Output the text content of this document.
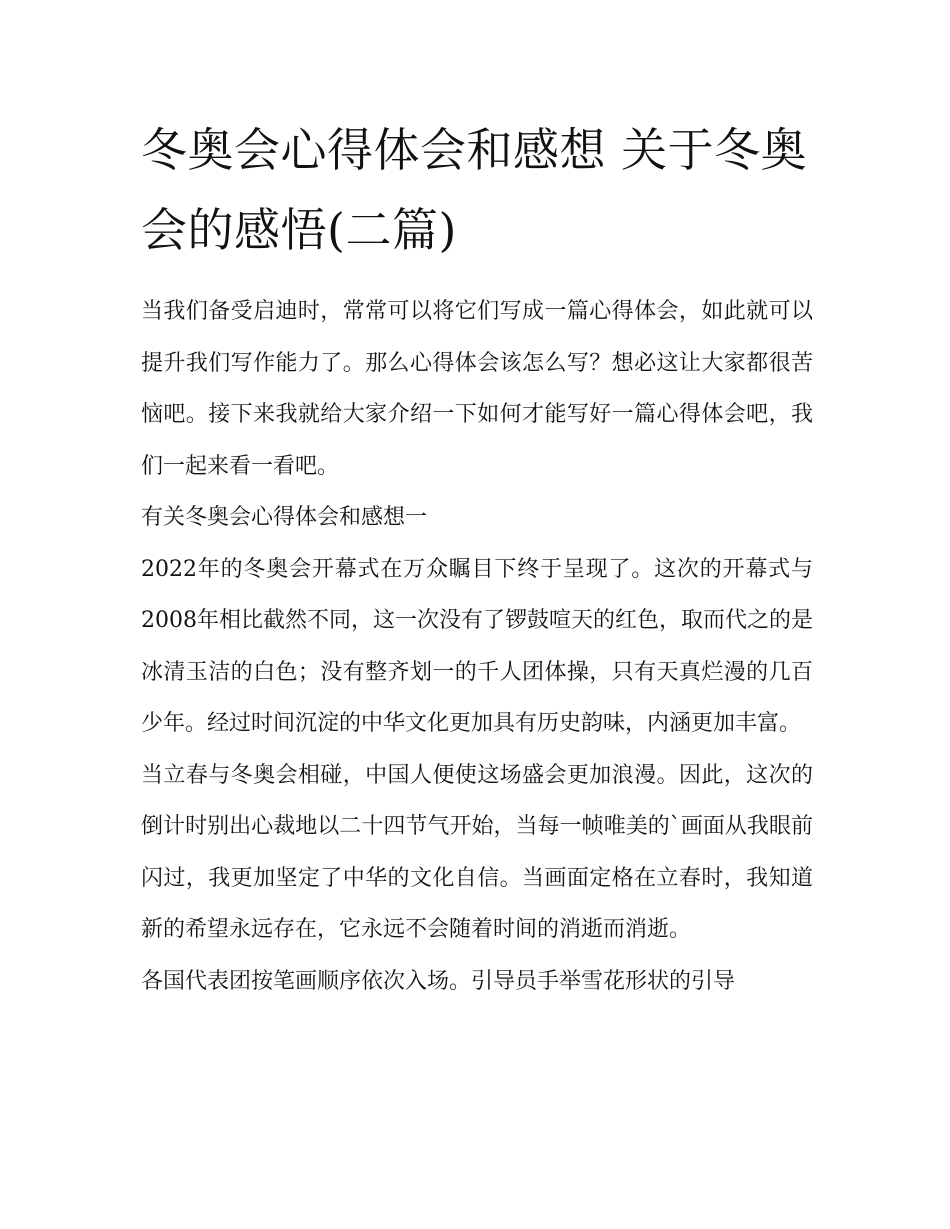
冬奥会心得体会和感想 关于冬奥会的感悟(二篇)

当我们备受启迪时，常常可以将它们写成一篇心得体会，如此就可以提升我们写作能力了。那么心得体会该怎么写？想必这让大家都很苦恼吧。接下来我就给大家介绍一下如何才能写好一篇心得体会吧，我们一起来看一看吧。

有关冬奥会心得体会和感想一

2022年的冬奥会开幕式在万众瞩目下终于呈现了。这次的开幕式与2008年相比截然不同，这一次没有了锣鼓喧天的红色，取而代之的是冰清玉洁的白色；没有整齐划一的千人团体操，只有天真烂漫的几百少年。经过时间沉淀的中华文化更加具有历史韵味，内涵更加丰富。

当立春与冬奥会相碰，中国人便使这场盛会更加浪漫。因此，这次的倒计时别出心裁地以二十四节气开始，当每一帧唯美的`画面从我眼前闪过，我更加坚定了中华的文化自信。当画面定格在立春时，我知道新的希望永远存在，它永远不会随着时间的消逝而消逝。

各国代表团按笔画顺序依次入场。引导员手举雪花形状的引导
